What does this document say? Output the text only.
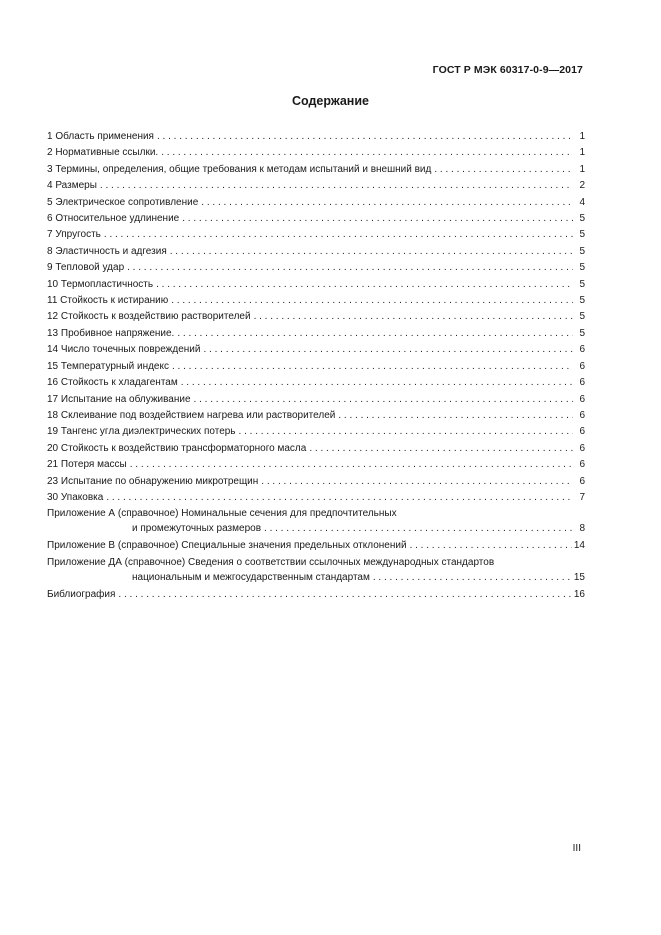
ГОСТ Р МЭК 60317-0-9—2017
Содержание
1 Область применения . . .	1
2 Нормативные ссылки. . . .	1
3 Термины, определения, общие требования к методам испытаний и внешний вид . . .	1
4 Размеры . . .	2
5 Электрическое сопротивление . . .	4
6 Относительное удлинение . . .	5
7 Упругость . . .	5
8 Эластичность и адгезия . . .	5
9 Тепловой удар . . .	5
10 Термопластичность . . .	5
11 Стойкость к истиранию . . .	5
12 Стойкость к воздействию растворителей . . .	5
13 Пробивное напряжение. . . .	5
14 Число точечных повреждений . . .	6
15 Температурный индекс . . .	6
16 Стойкость к хладагентам . . .	6
17 Испытание на облуживание . . .	6
18 Склеивание под воздействием нагрева или растворителей . . .	6
19 Тангенс угла диэлектрических потерь . . .	6
20 Стойкость к воздействию трансформаторного масла . . .	6
21 Потеря массы . . .	6
23 Испытание по обнаружению микротрещин . . .	6
30 Упаковка . . .	7
Приложение А (справочное) Номинальные сечения для предпочтительных
и промежуточных размеров . . .	8
Приложение В (справочное) Специальные значения предельных отклонений . . .	14
Приложение ДА (справочное) Сведения о соответствии ссылочных международных стандартов
национальным и межгосударственным стандартам . . .	15
Библиография . . .	16
III
